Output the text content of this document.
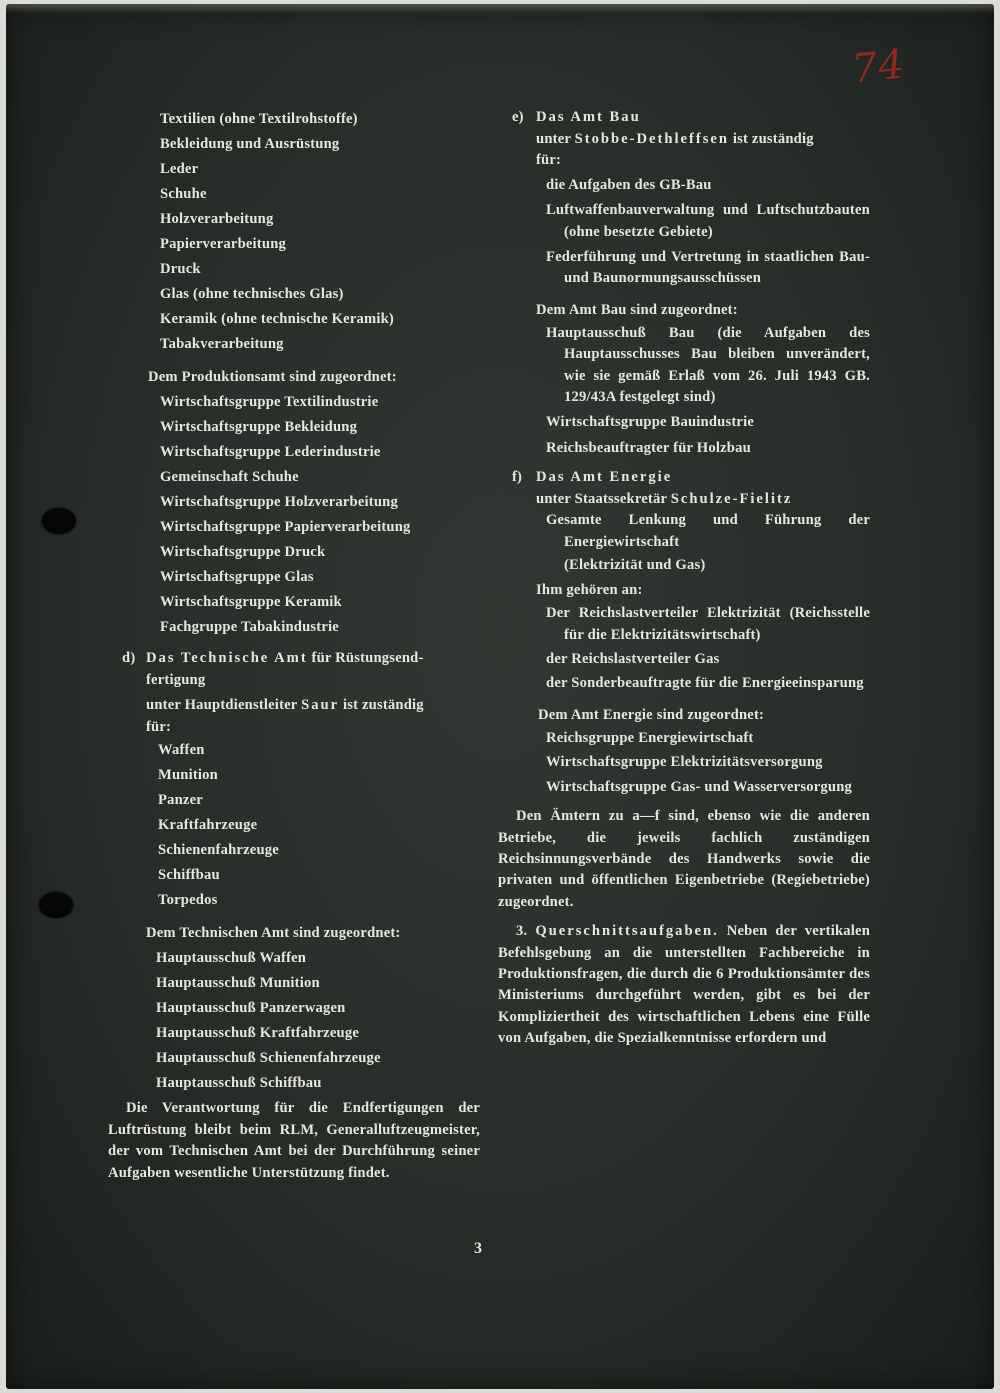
74
Textilien (ohne Textilrohstoffe)
Bekleidung und Ausrüstung
Leder
Schuhe
Holzverarbeitung
Papierverarbeitung
Druck
Glas (ohne technisches Glas)
Keramik (ohne technische Keramik)
Tabakverarbeitung
Dem Produktionsamt sind zugeordnet:
Wirtschaftsgruppe Textilindustrie
Wirtschaftsgruppe Bekleidung
Wirtschaftsgruppe Lederindustrie
Gemeinschaft Schuhe
Wirtschaftsgruppe Holzverarbeitung
Wirtschaftsgruppe Papierverarbeitung
Wirtschaftsgruppe Druck
Wirtschaftsgruppe Glas
Wirtschaftsgruppe Keramik
Fachgruppe Tabakindustrie
d) Das Technische Amt für Rüstungsend-
fertigung
unter Hauptdienstleiter Saur ist zuständig
für:
Waffen
Munition
Panzer
Kraftfahrzeuge
Schienenfahrzeuge
Schiffbau
Torpedos
Dem Technischen Amt sind zugeordnet:
Hauptausschuß Waffen
Hauptausschuß Munition
Hauptausschuß Panzerwagen
Hauptausschuß Kraftfahrzeuge
Hauptausschuß Schienenfahrzeuge
Hauptausschuß Schiffbau

Die Verantwortung für die Endfertigungen der Luftrüstung bleibt beim RLM, Generalluftzeugmeister, der vom Technischen Amt bei der Durchführung seiner Aufgaben wesentliche Unterstützung findet.

e) Das Amt Bau
unter Stobbe-Dethleffsen ist zuständig
für:

die Aufgaben des GB-Bau

Luftwaffenbauverwaltung und Luftschutzbauten (ohne besetzte Gebiete)

Federführung und Vertretung in staatlichen Bau- und Baunormungsausschüssen

Dem Amt Bau sind zugeordnet:

Hauptausschuß Bau (die Aufgaben des Hauptausschusses Bau bleiben unverändert, wie sie gemäß Erlaß vom 26. Juli 1943 GB. 129/43A festgelegt sind)

Wirtschaftsgruppe Bauindustrie

Reichsbeauftragter für Holzbau

f) Das Amt Energie
unter Staatssekretär Schulze-Fielitz

Gesamte Lenkung und Führung der Energiewirtschaft

(Elektrizität und Gas)
Ihm gehören an:

Der Reichslastverteiler Elektrizität (Reichsstelle für die Elektrizitätswirtschaft)

der Reichslastverteiler Gas

der Sonderbeauftragte für die Energieeinsparung

Dem Amt Energie sind zugeordnet:

Reichsgruppe Energiewirtschaft

Wirtschaftsgruppe Elektrizitätsversorgung

Wirtschaftsgruppe Gas- und Wasserversorgung

Den Ämtern zu a—f sind, ebenso wie die anderen Betriebe, die jeweils fachlich zuständigen Reichsinnungsverbände des Handwerks sowie die privaten und öffentlichen Eigenbetriebe (Regiebetriebe) zugeordnet.

3. Querschnittsaufgaben. Neben der vertikalen Befehlsgebung an die unterstellten Fachbereiche in Produktionsfragen, die durch die 6 Produktionsämter des Ministeriums durchgeführt werden, gibt es bei der Kompliziertheit des wirtschaftlichen Lebens eine Fülle von Aufgaben, die Spezialkenntnisse erfordern und

3
